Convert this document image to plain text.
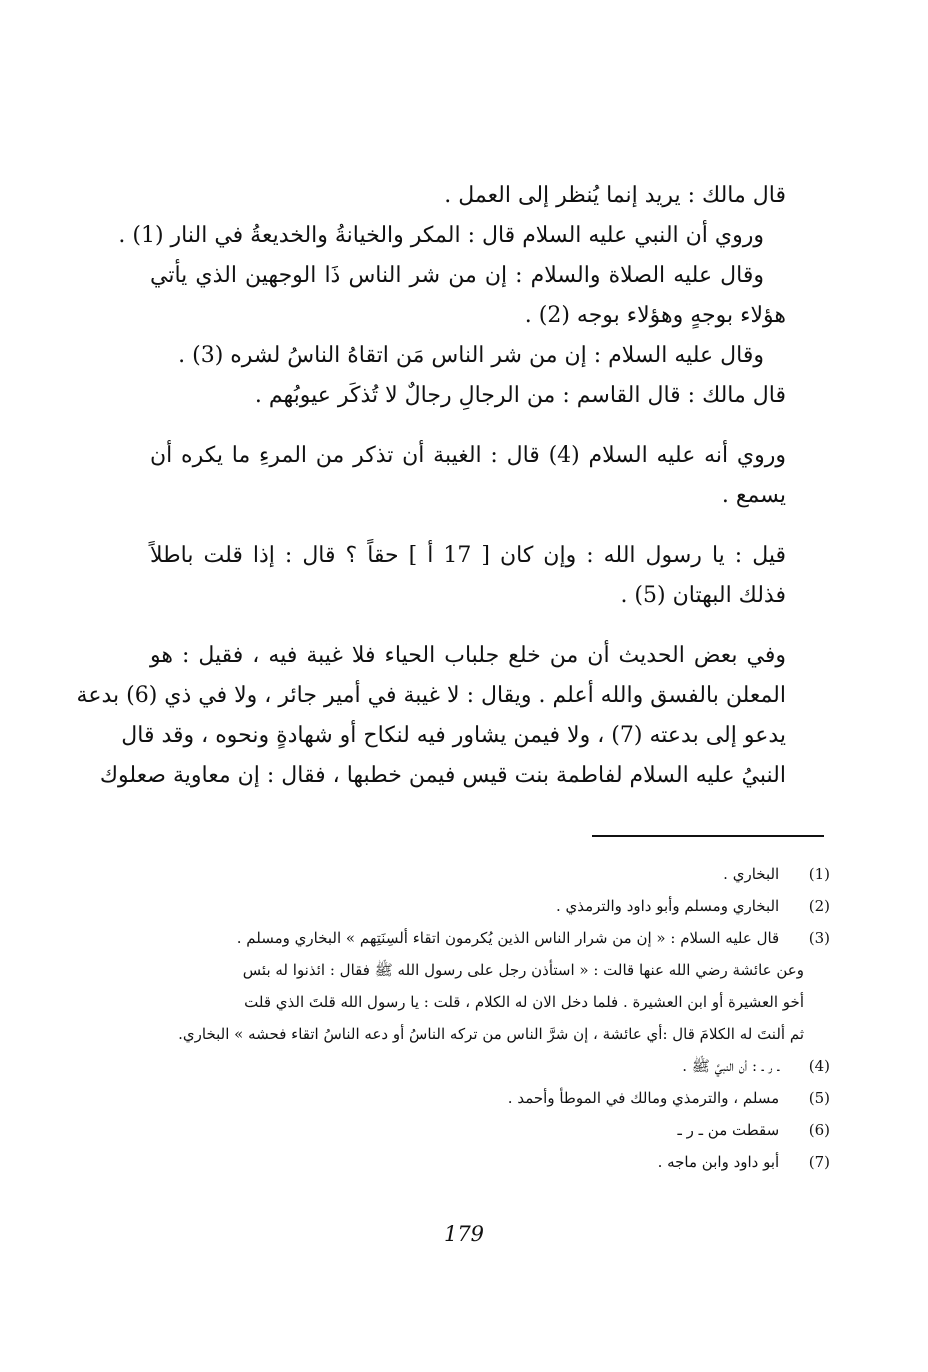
قال مالك : يريد إنما يُنظر إلى العمل .
وروي أن النبي عليه السلام قال : المكر والخيانةُ والخديعةُ في النار (1) .
وقال عليه الصلاة والسلام : إن من شر الناس ذَا الوجهين الذي يأتي
هؤلاء بوجهٍ وهؤلاء بوجه (2) .
وقال عليه السلام : إن من شر الناس مَن اتقاهُ الناسُ لشره (3) .
قال مالك : قال القاسم : من الرجالِ رجالٌ لا تُذكَر عيوبُهم .
وروي أنه عليه السلام (4) قال : الغيبة أن تذكر من المرءِ ما يكره أن
يسمع .
قيل : يا رسول الله : وإن كان [ 17 أ ] حقاً ؟ قال : إذا قلت باطلاً
فذلك البهتان (5) .
وفي بعض الحديث أن من خلع جلباب الحياء فلا غيبة فيه ، فقيل : هو
المعلن بالفسق والله أعلم . ويقال : لا غيبة في أمير جائر ، ولا في ذي (6) بدعة
يدعو إلى بدعته (7) ، ولا فيمن يشاور فيه لنكاح أو شهادةٍ ونحوه ، وقد قال
النبيُ عليه السلام لفاطمة بنت قيس فيمن خطبها ، فقال : إن معاوية صعلوك
(1) البخاري .
(2) البخاري ومسلم وأبو داود والترمذي .
(3) قال عليه السلام : « إن من شرار الناس الذين يُكرمون اتقاء ألسِنَتِهم » البخاري ومسلم .
وعن عائشة رضي الله عنها قالت : « استأذن رجل على رسول الله ﷺ فقال : ائذنوا له بئس
أخو العشيرة أو ابن العشيرة . فلما دخل الان له الكلام ، قلت : يا رسول الله قلتَ الذي قلت
ثم ألنتَ له الكلامَ قال :أي عائشة ، إن شرَّ الناس من تركه الناسُ أو دعه الناسُ اتقاء فحشه » البخاري.
(4) ـ ر ـ : أن النبيَّ ﷺ .
(5) مسلم ، والترمذي ومالك في الموطأ وأحمد .
(6) سقطت من ـ ر ـ
(7) أبو داود وابن ماجه .
179
